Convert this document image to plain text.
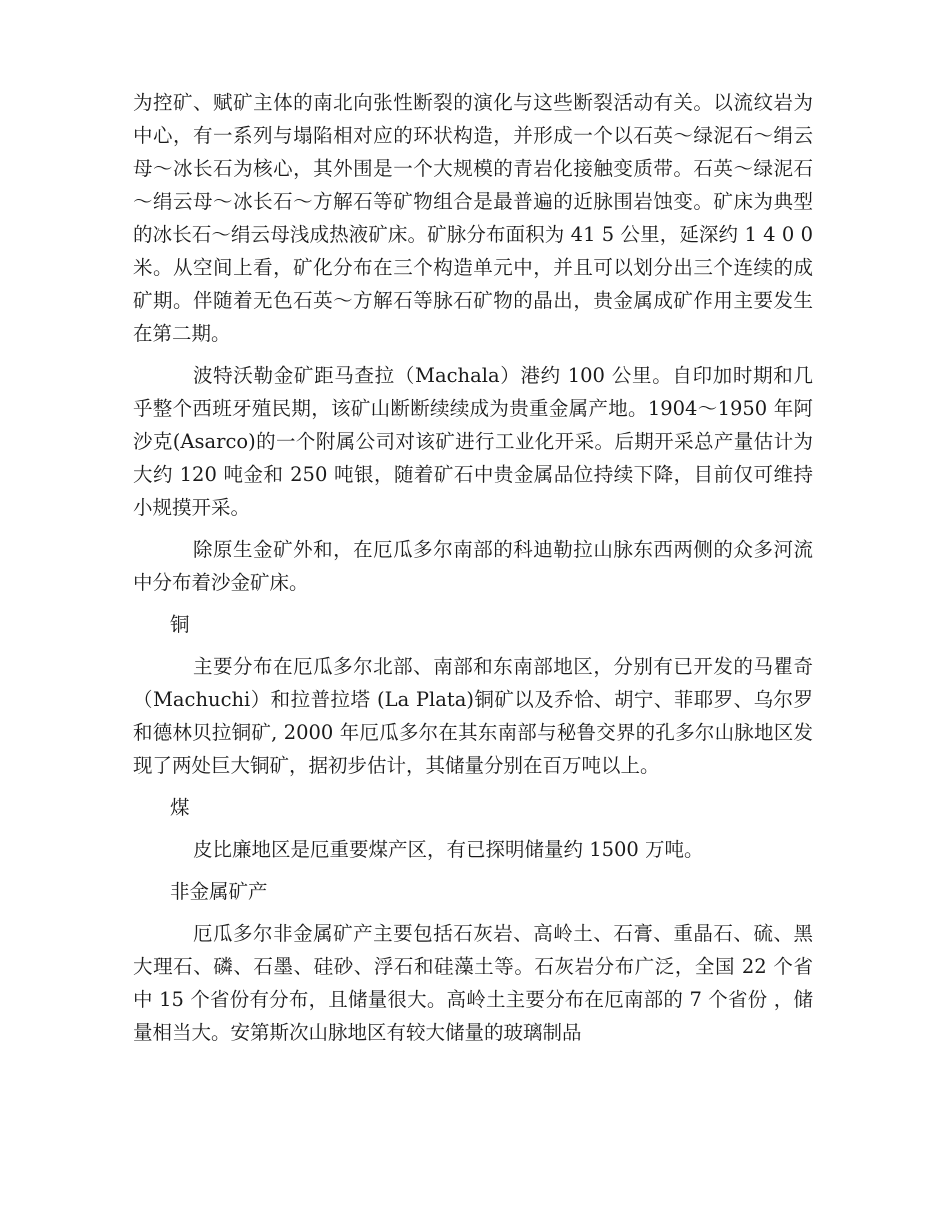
为控矿、赋矿主体的南北向张性断裂的演化与这些断裂活动有关。以流纹岩为中心，有一系列与塌陷相对应的环状构造，并形成一个以石英～绿泥石～绢云母～冰长石为核心，其外围是一个大规模的青岩化接触变质带。石英～绿泥石～绢云母～冰长石～方解石等矿物组合是最普遍的近脉围岩蚀变。矿床为典型的冰长石～绢云母浅成热液矿床。矿脉分布面积为 41 5 公里，延深约 1 4 0 0 米。从空间上看，矿化分布在三个构造单元中，并且可以划分出三个连续的成矿期。伴随着无色石英～方解石等脉石矿物的晶出，贵金属成矿作用主要发生在第二期。

波特沃勒金矿距马查拉（Machala）港约 100 公里。自印加时期和几乎整个西班牙殖民期，该矿山断断续续成为贵重金属产地。1904～1950 年阿沙克(Asarco)的一个附属公司对该矿进行工业化开采。后期开采总产量估计为大约 120 吨金和 250 吨银，随着矿石中贵金属品位持续下降，目前仅可维持小规摸开采。

除原生金矿外和，在厄瓜多尔南部的科迪勒拉山脉东西两侧的众多河流中分布着沙金矿床。

铜

主要分布在厄瓜多尔北部、南部和东南部地区，分别有已开发的马瞿奇（Machuchi）和拉普拉塔 (La Plata)铜矿以及乔恰、胡宁、菲耶罗、乌尔罗和德林贝拉铜矿, 2000 年厄瓜多尔在其东南部与秘鲁交界的孔多尔山脉地区发现了两处巨大铜矿，据初步估计，其储量分别在百万吨以上。

煤

皮比廉地区是厄重要煤产区，有已探明储量约 1500 万吨。

非金属矿产

厄瓜多尔非金属矿产主要包括石灰岩、高岭土、石膏、重晶石、硫、黑大理石、磷、石墨、硅砂、浮石和硅藻土等。石灰岩分布广泛，全国 22 个省中 15 个省份有分布，且储量很大。高岭土主要分布在厄南部的 7 个省份 ，储量相当大。安第斯次山脉地区有较大储量的玻璃制品
